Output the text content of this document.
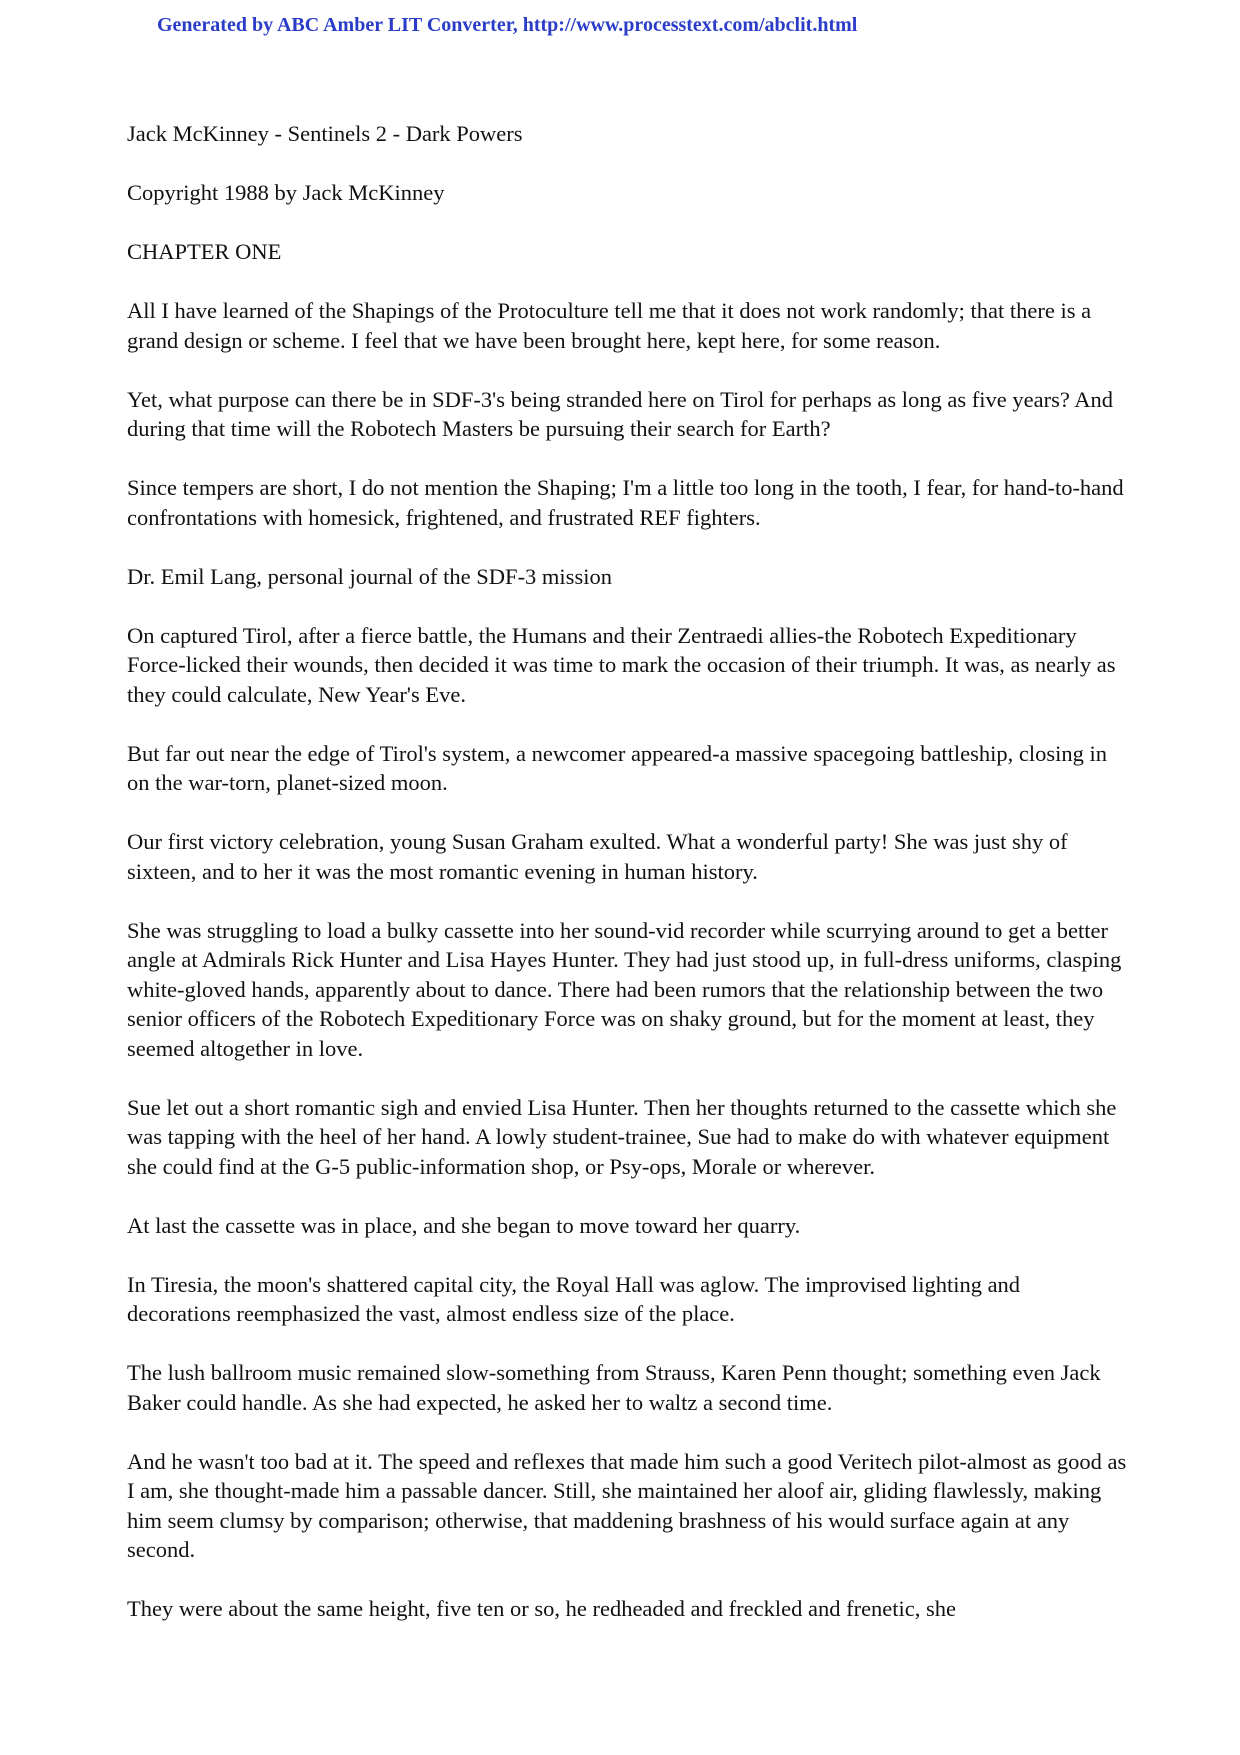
Generated by ABC Amber LIT Converter, http://www.processtext.com/abclit.html

Jack McKinney - Sentinels 2 - Dark Powers

Copyright 1988 by Jack McKinney

CHAPTER ONE

All I have learned of the Shapings of the Protoculture tell me that it does not work randomly; that there is a grand design or scheme. I feel that we have been brought here, kept here, for some reason.

Yet, what purpose can there be in SDF-3's being stranded here on Tirol for perhaps as long as five years? And during that time will the Robotech Masters be pursuing their search for Earth?

Since tempers are short, I do not mention the Shaping; I'm a little too long in the tooth, I fear, for hand-to-hand confrontations with homesick, frightened, and frustrated REF fighters.

Dr. Emil Lang, personal journal of the SDF-3 mission

On captured Tirol, after a fierce battle, the Humans and their Zentraedi allies-the Robotech Expeditionary Force-licked their wounds, then decided it was time to mark the occasion of their triumph. It was, as nearly as they could calculate, New Year's Eve.

But far out near the edge of Tirol's system, a newcomer appeared-a massive spacegoing battleship, closing in on the war-torn, planet-sized moon.

Our first victory celebration, young Susan Graham exulted. What a wonderful party! She was just shy of sixteen, and to her it was the most romantic evening in human history.

She was struggling to load a bulky cassette into her sound-vid recorder while scurrying around to get a better angle at Admirals Rick Hunter and Lisa Hayes Hunter. They had just stood up, in full-dress uniforms, clasping white-gloved hands, apparently about to dance. There had been rumors that the relationship between the two senior officers of the Robotech Expeditionary Force was on shaky ground, but for the moment at least, they seemed altogether in love.

Sue let out a short romantic sigh and envied Lisa Hunter. Then her thoughts returned to the cassette which she was tapping with the heel of her hand. A lowly student-trainee, Sue had to make do with whatever equipment she could find at the G-5 public-information shop, or Psy-ops, Morale or wherever.

At last the cassette was in place, and she began to move toward her quarry.

In Tiresia, the moon's shattered capital city, the Royal Hall was aglow. The improvised lighting and decorations reemphasized the vast, almost endless size of the place.

The lush ballroom music remained slow-something from Strauss, Karen Penn thought; something even Jack Baker could handle. As she had expected, he asked her to waltz a second time.

And he wasn't too bad at it. The speed and reflexes that made him such a good Veritech pilot-almost as good as I am, she thought-made him a passable dancer. Still, she maintained her aloof air, gliding flawlessly, making him seem clumsy by comparison; otherwise, that maddening brashness of his would surface again at any second.

They were about the same height, five ten or so, he redheaded and freckled and frenetic, she
